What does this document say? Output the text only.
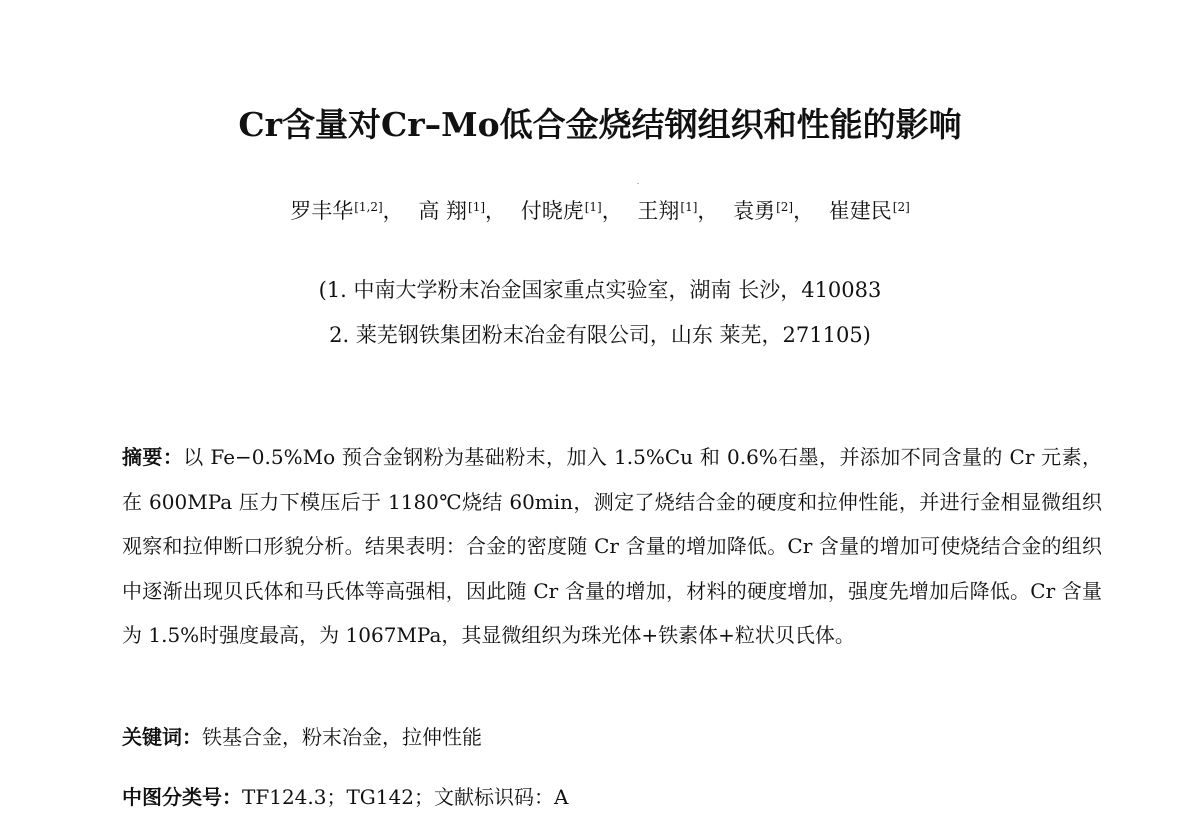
Cr含量对Cr–Mo低合金烧结钢组织和性能的影响
罗丰华[1,2]， 高 翔[1]， 付晓虎[1]， 王翔[1]， 袁勇[2]， 崔建民[2]
(1. 中南大学粉末冶金国家重点实验室，湖南 长沙，410083
2. 莱芜钢铁集团粉末冶金有限公司，山东 莱芜，271105)
摘要：以 Fe−0.5%Mo 预合金钢粉为基础粉末，加入 1.5%Cu 和 0.6%石墨，并添加不同含量的 Cr 元素，在 600MPa 压力下模压后于 1180℃烧结 60min，测定了烧结合金的硬度和拉伸性能，并进行金相显微组织观察和拉伸断口形貌分析。结果表明：合金的密度随 Cr 含量的增加降低。Cr 含量的增加可使烧结合金的组织中逐渐出现贝氏体和马氏体等高强相，因此随 Cr 含量的增加，材料的硬度增加，强度先增加后降低。Cr 含量为 1.5%时强度最高，为 1067MPa，其显微组织为珠光体+铁素体+粒状贝氏体。
关键词：铁基合金，粉末冶金，拉伸性能
中图分类号：TF124.3；TG142；文献标识码：A
